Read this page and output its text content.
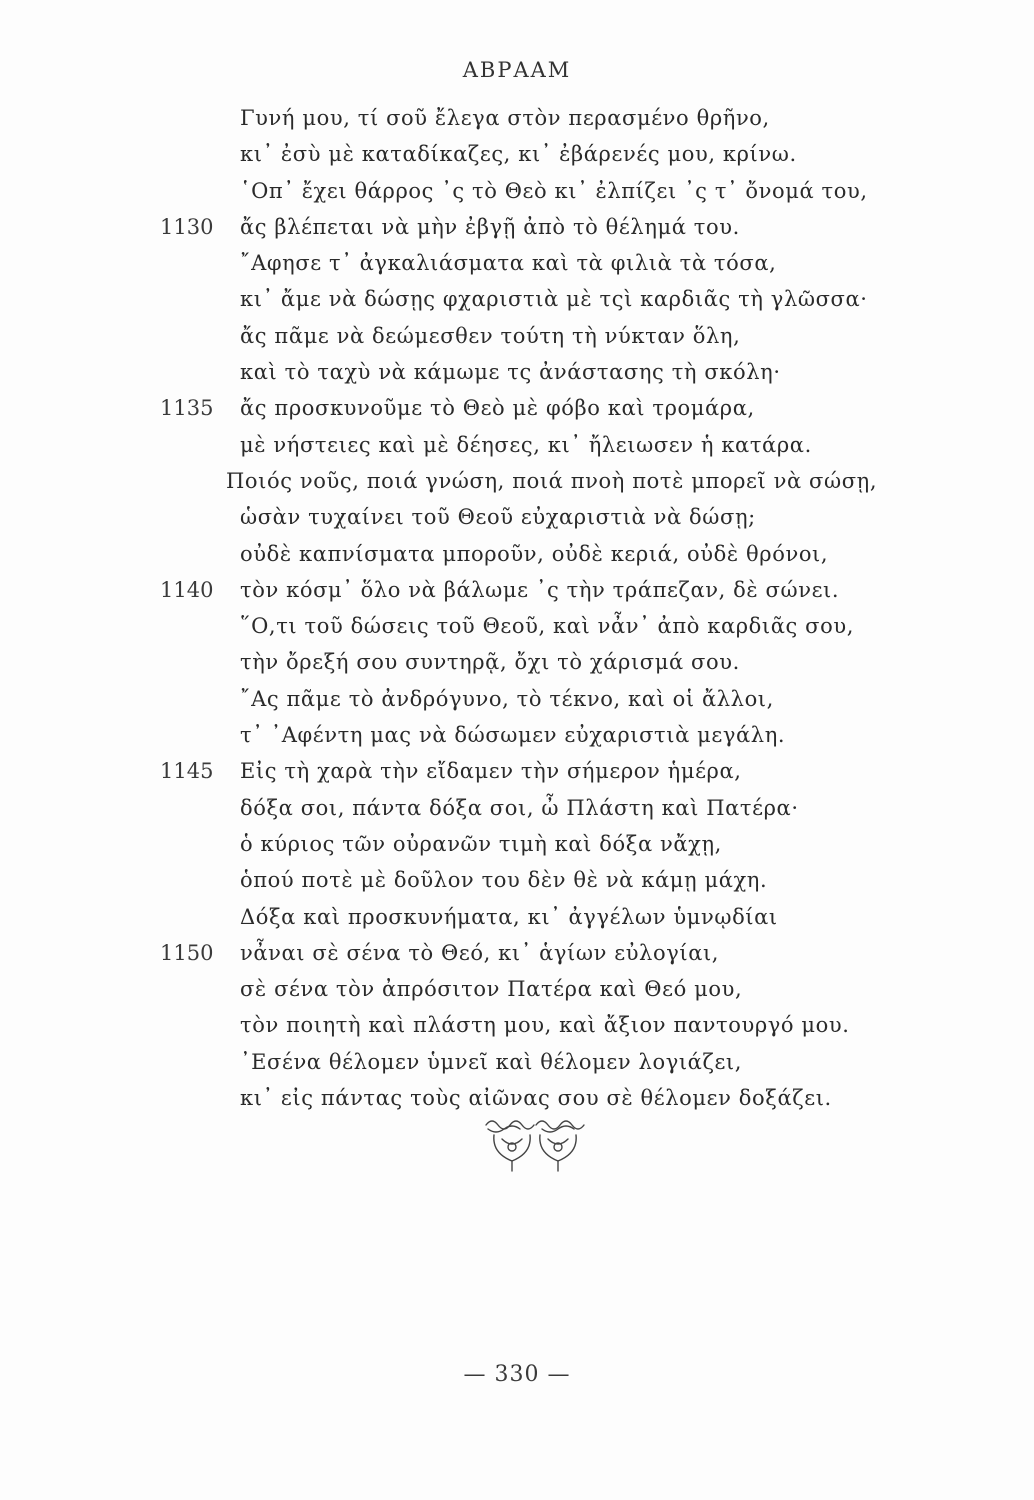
ΑΒΡΑΑΜ
Γυνή μου, τί σοῦ ἔλεγα στὸν περασμένο θρῆνο,
κι᾿ ἐσὺ μὲ καταδίκαζες, κι᾿ ἐβάρενές μου, κρίνω.
῾Οπ᾿ ἔχει θάρρος ᾿ς τὸ Θεὸ κι᾿ ἐλπίζει ᾿ς τ᾿ ὄνομά του,
1130 ἄς βλέπεται νὰ μὴν ἐβγῇ ἀπὸ τὸ θέλημά του.
῎Αφησε τ᾿ ἀγκαλιάσματα καὶ τὰ φιλιὰ τὰ τόσα,
κι᾿ ἄμε νὰ δώσῃς φχαριστιὰ μὲ τςὶ καρδιᾶς τὴ γλῶσσα·
ἄς πᾶμε νὰ δεώμεσθεν τούτη τὴ νύκταν ὅλη,
καὶ τὸ ταχὺ νὰ κάμωμε τς ἀνάστασης τὴ σκόλη·
1135 ἄς προσκυνοῦμε τὸ Θεὸ μὲ φόβο καὶ τρομάρα,
μὲ νήστειες καὶ μὲ δέησες, κι᾿ ἤλειωσεν ἡ κατάρα.
Ποιός νοῦς, ποιά γνώση, ποιά πνοὴ ποτὲ μπορεῖ νὰ σώσῃ,
ὡσὰν τυχαίνει τοῦ Θεοῦ εὐχαριστιὰ νὰ δώσῃ;
οὐδὲ καπνίσματα μποροῦν, οὐδὲ κεριά, οὐδὲ θρόνοι,
1140 τὸν κόσμ᾿ ὅλο νὰ βάλωμε ᾿ς τὴν τράπεζαν, δὲ σώνει.
῞Ο,τι τοῦ δώσεις τοῦ Θεοῦ, καὶ νἆν᾿ ἀπὸ καρδιᾶς σου,
τὴν ὄρεξή σου συντηρᾷ, ὄχι τὸ χάρισμά σου.
῎Ας πᾶμε τὸ ἀνδρόγυνο, τὸ τέκνο, καὶ οἱ ἄλλοι,
τ᾿ ᾿Αφέντη μας νὰ δώσωμεν εὐχαριστιὰ μεγάλη.
1145 Εἰς τὴ χαρὰ τὴν εἴδαμεν τὴν σήμερον ἡμέρα,
δόξα σοι, πάντα δόξα σοι, ὦ Πλάστη καὶ Πατέρα·
ὁ κύριος τῶν οὐρανῶν τιμὴ καὶ δόξα νἄχῃ,
ὁπού ποτὲ μὲ δοῦλον του δὲν θὲ νὰ κάμῃ μάχη.
Δόξα καὶ προσκυνήματα, κι᾿ ἀγγέλων ὑμνῳδίαι
1150 νἆναι σὲ σένα τὸ Θεό, κι᾿ ἁγίων εὐλογίαι,
σὲ σένα τὸν ἀπρόσιτον Πατέρα καὶ Θεό μου,
τὸν ποιητὴ καὶ πλάστη μου, καὶ ἄξιον παντουργό μου.
᾿Εσένα θέλομεν ὑμνεῖ καὶ θέλομεν λογιάζει,
κι᾿ εἰς πάντας τοὺς αἰῶνας σου σὲ θέλομεν δοξάζει.
— 330 —
